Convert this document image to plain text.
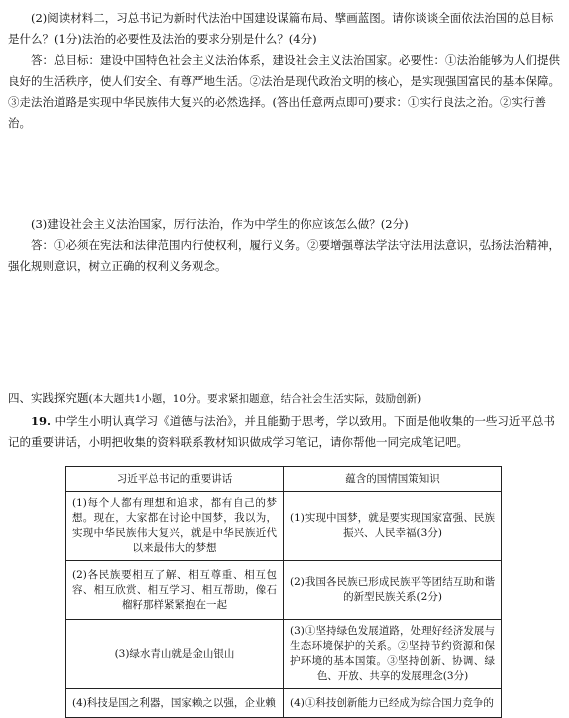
(2)阅读材料二，习总书记为新时代法治中国建设谋篇布局、擘画蓝图。请你谈谈全面依法治国的总目标是什么？(1分)法治的必要性及法治的要求分别是什么？(4分)
答：总目标：建设中国特色社会主义法治体系，建设社会主义法治国家。必要性：①法治能够为人们提供良好的生活秩序，使人们安全、有尊严地生活。②法治是现代政治文明的核心，是实现强国富民的基本保障。③走法治道路是实现中华民族伟大复兴的必然选择。(答出任意两点即可)要求：①实行良法之治。②实行善治。
(3)建设社会主义法治国家，厉行法治，作为中学生的你应该怎么做？(2分)
答：①必须在宪法和法律范围内行使权利，履行义务。②要增强尊法学法守法用法意识，弘扬法治精神，强化规则意识，树立正确的权利义务观念。
四、实践探究题(本大题共1小题，10分。要求紧扣题意，结合社会生活实际，鼓励创新)
19. 中学生小明认真学习《道德与法治》，并且能勤于思考，学以致用。下面是他收集的一些习近平总书记的重要讲话，小明把收集的资料联系教材知识做成学习笔记，请你帮他一同完成笔记吧。
习近平总书记的重要讲话	蕴含的国情国策知识
(1)每个人都有理想和追求，都有自己的梦想。现在，大家都在讨论中国梦，我以为，实现中华民族伟大复兴，就是中华民族近代以来最伟大的梦想	(1)实现中国梦，就是要实现国家富强、民族振兴、人民幸福(3分)
(2)各民族要相互了解、相互尊重、相互包容、相互欣赏、相互学习、相互帮助，像石榴籽那样紧紧抱在一起	(2)我国各民族已形成民族平等团结互助和谐的新型民族关系(2分)
(3)绿水青山就是金山银山	(3)①坚持绿色发展道路，处理好经济发展与生态环境保护的关系。②坚持节约资源和保护环境的基本国策。③坚持创新、协调、绿色、开放、共享的发展理念(3分)
(4)科技是国之利器，国家赖之以强，企业赖	(4)①科技创新能力已经成为综合国力竞争的
